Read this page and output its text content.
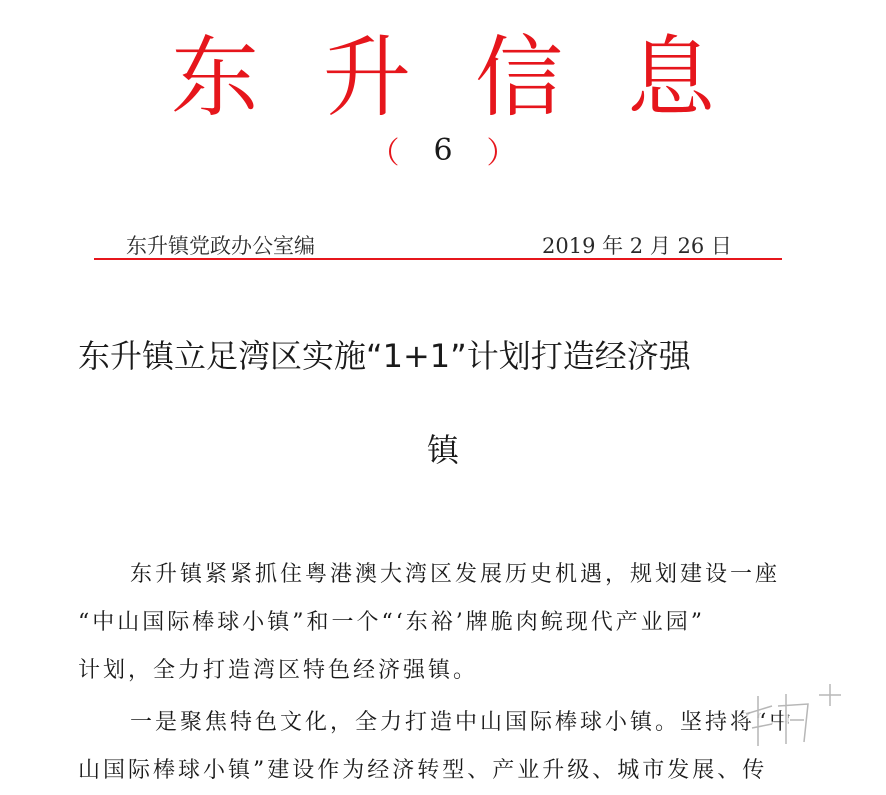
东 升 信 息
（ 6 ）
东升镇党政办公室编	2019 年 2 月 26 日
东升镇立足湾区实施“1+1”计划打造经济强
镇
东升镇紧紧抓住粤港澳大湾区发展历史机遇，规划建设一座
“中山国际棒球小镇”和一个“‘东裕’牌脆肉鲩现代产业园”
计划，全力打造湾区特色经济强镇。
一是聚焦特色文化，全力打造中山国际棒球小镇。坚持将“中
山国际棒球小镇”建设作为经济转型、产业升级、城市发展、传
